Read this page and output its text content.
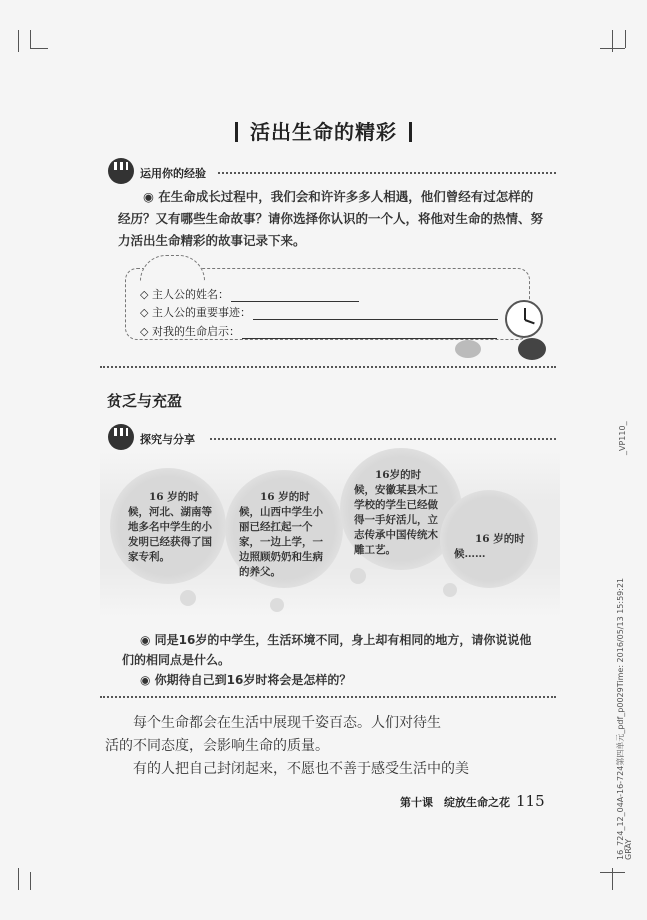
活出生命的精彩
运用你的经验
◉ 在生命成长过程中，我们会和许许多多人相遇，他们曾经有过怎样的经历？又有哪些生命故事？请你选择你认识的一个人，将他对生命的热情、努力活出生命精彩的故事记录下来。
◇ 主人公的姓名：
◇ 主人公的重要事迹：
◇ 对我的生命启示：
贫乏与充盈
探究与分享
16 岁的时候，河北、湖南等地多名中学生的小发明已经获得了国家专利。
16 岁的时候，山西中学生小丽已经扛起一个家，一边上学，一边照顾奶奶和生病的养父。
16岁的时候，安徽某县木工学校的学生已经做得一手好活儿，立志传承中国传统木雕工艺。
16 岁的时候……
◉ 同是16岁的中学生，生活环境不同，身上却有相同的地方，请你说说他们的相同点是什么。
◉ 你期待自己到16岁时将会是怎样的？
每个生命都会在生活中展现千姿百态。人们对待生活的不同态度，会影响生命的质量。
有的人把自己封闭起来，不愿也不善于感受生活中的美
第十课　绽放生命之花 115
_VP110_
16_724_12_04A-16-724第四单元_pdf_p0029Time: 2016/05/13 15:59:21 GRAY
